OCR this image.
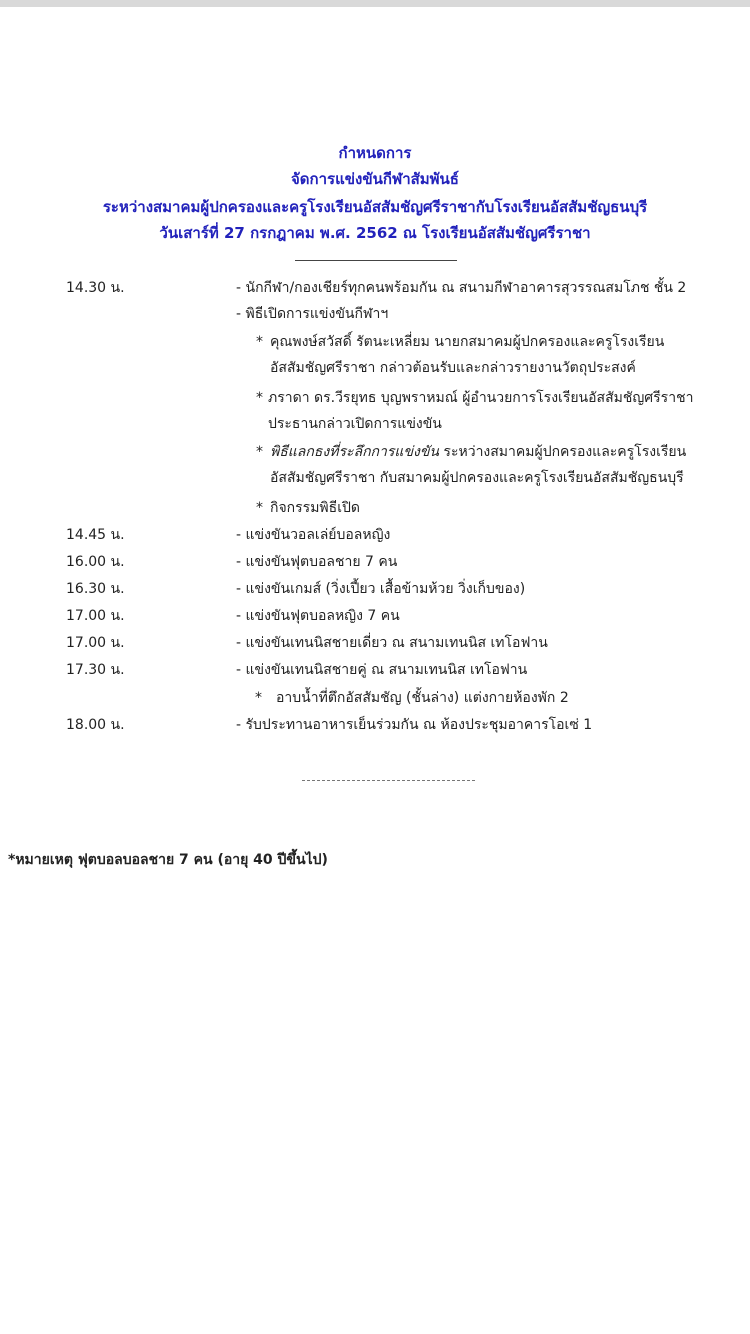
กำหนดการ
จัดการแข่งขันกีฬาสัมพันธ์
ระหว่างสมาคมผู้ปกครองและครูโรงเรียนอัสสัมชัญศรีราชากับโรงเรียนอัสสัมชัญธนบุรี
วันเสาร์ที่ 27 กรกฎาคม พ.ศ. 2562 ณ โรงเรียนอัสสัมชัญศรีราชา
14.30 น.	- นักกีฬา/กองเชียร์ทุกคนพร้อมกัน ณ สนามกีฬาอาคารสุวรรณสมโภช ชั้น 2
- พิธีเปิดการแข่งขันกีฬาฯ
* คุณพงษ์สวัสดิ์ รัตนะเหลี่ยม นายกสมาคมผู้ปกครองและครูโรงเรียน
อัสสัมชัญศรีราชา กล่าวต้อนรับและกล่าวรายงานวัตถุประสงค์
* ภราดา ดร.วีรยุทธ บุญพราหมณ์ ผู้อำนวยการโรงเรียนอัสสัมชัญศรีราชา
ประธานกล่าวเปิดการแข่งขัน
* พิธีแลกธงที่ระลึกการแข่งขัน ระหว่างสมาคมผู้ปกครองและครูโรงเรียน
อัสสัมชัญศรีราชา กับสมาคมผู้ปกครองและครูโรงเรียนอัสสัมชัญธนบุรี
* กิจกรรมพิธีเปิด
14.45 น.	- แข่งขันวอลเล่ย์บอลหญิง
16.00 น.	- แข่งขันฟุตบอลชาย 7 คน
16.30 น.	- แข่งขันเกมส์ (วิ่งเปี้ยว เสื้อข้ามห้วย วิ่งเก็บของ)
17.00 น.	- แข่งขันฟุตบอลหญิง 7 คน
17.00 น.	- แข่งขันเทนนิสชายเดี่ยว ณ สนามเทนนิส เทโอฟาน
17.30 น.	- แข่งขันเทนนิสชายคู่ ณ สนามเทนนิส เทโอฟาน
* อาบน้ำที่ตึกอัสสัมชัญ (ชั้นล่าง) แต่งกายห้องพัก 2
18.00 น.	- รับประทานอาหารเย็นร่วมกัน ณ ห้องประชุมอาคารโอเซ่ 1
*หมายเหตุ ฟุตบอลบอลชาย 7 คน (อายุ 40 ปีขึ้นไป)
